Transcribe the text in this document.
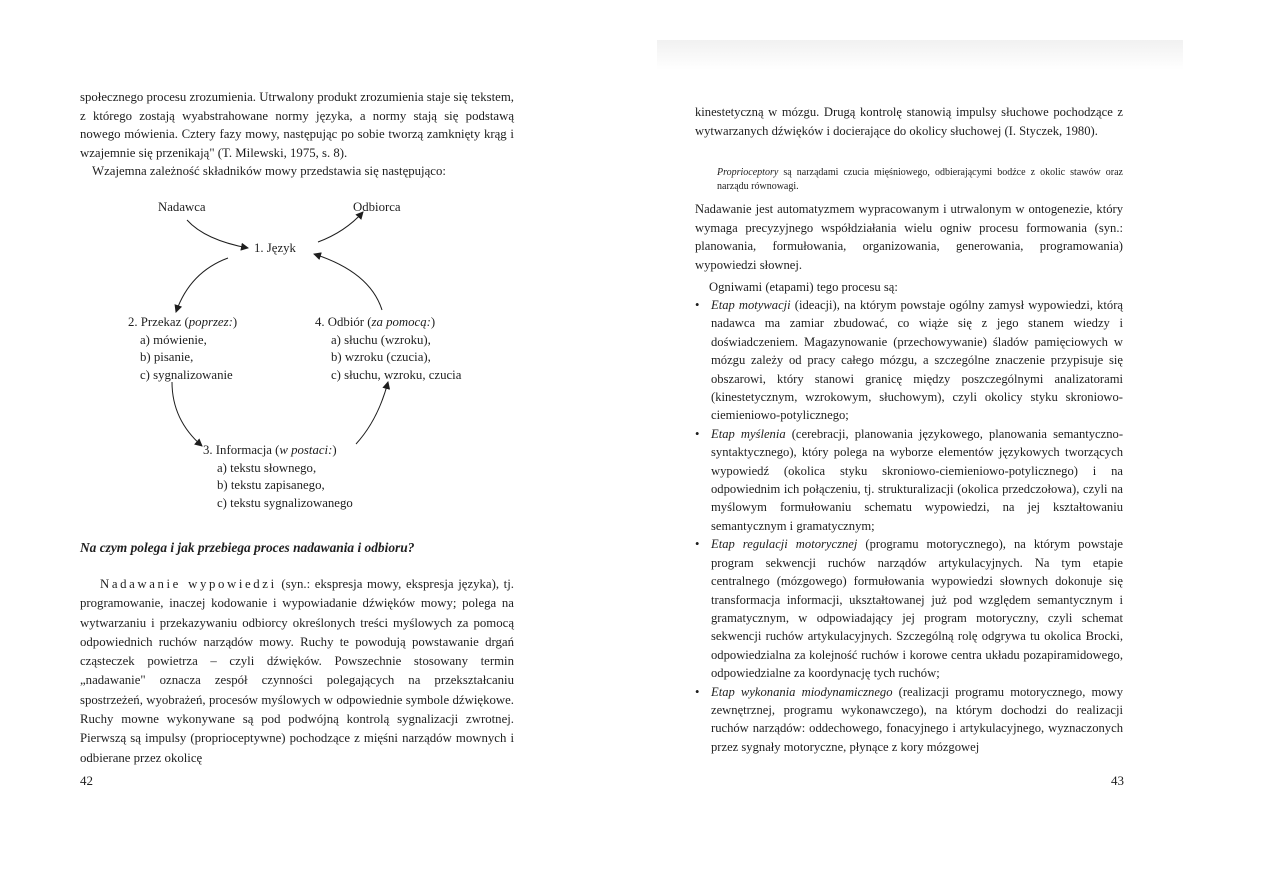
społecznego procesu zrozumienia. Utrwalony produkt zrozumienia staje się tekstem, z którego zostają wyabstrahowane normy języka, a normy stają się podstawą nowego mówienia. Cztery fazy mowy, następując po sobie tworzą zamknięty krąg i wzajemnie się przenikają" (T. Milewski, 1975, s. 8).

Wzajemna zależność składników mowy przedstawia się następująco:

Nadawca	Odbiorca
1. Język
2. Przekaz (poprzez:)
a) mówienie,
b) pisanie,
c) sygnalizowanie
4. Odbiór (za pomocą:)
a) słuchu (wzroku),
b) wzroku (czucia),
c) słuchu, wzroku, czucia
3. Informacja (w postaci:)
a) tekstu słownego,
b) tekstu zapisanego,
c) tekstu sygnalizowanego
Na czym polega i jak przebiega proces nadawania i odbioru?

Nadawanie wypowiedzi (syn.: ekspresja mowy, ekspresja języka), tj. programowanie, inaczej kodowanie i wypowiadanie dźwięków mowy; polega na wytwarzaniu i przekazywaniu odbiorcy określonych treści myślowych za pomocą odpowiednich ruchów narządów mowy. Ruchy te powodują powstawanie drgań cząsteczek powietrza – czyli dźwięków. Powszechnie stosowany termin „nadawanie" oznacza zespół czynności polegających na przekształcaniu spostrzeżeń, wyobrażeń, procesów myślowych w odpowiednie symbole dźwiękowe. Ruchy mowne wykonywane są pod podwójną kontrolą sygnalizacji zwrotnej. Pierwszą są impulsy (proprioceptywne) pochodzące z mięśni narządów mownych i odbierane przez okolicę

42

kinestetyczną w mózgu. Drugą kontrolę stanowią impulsy słuchowe pochodzące z wytwarzanych dźwięków i docierające do okolicy słuchowej (I. Styczek, 1980).

Proprioceptory są narządami czucia mięśniowego, odbierającymi bodźce z okolic stawów oraz narządu równowagi.

Nadawanie jest automatyzmem wypracowanym i utrwalonym w ontogenezie, który wymaga precyzyjnego współdziałania wielu ogniw procesu formowania (syn.: planowania, formułowania, organizowania, generowania, programowania) wypowiedzi słownej.

Ogniwami (etapami) tego procesu są:

• Etap motywacji (ideacji), na którym powstaje ogólny zamysł wypowiedzi, którą nadawca ma zamiar zbudować, co wiąże się z jego stanem wiedzy i doświadczeniem. Magazynowanie (przechowywanie) śladów pamięciowych w mózgu zależy od pracy całego mózgu, a szczególne znaczenie przypisuje się obszarowi, który stanowi granicę między poszczególnymi analizatorami (kinestetycznym, wzrokowym, słuchowym), czyli okolicy styku skroniowo-ciemieniowo-potylicznego;
• Etap myślenia (cerebracji, planowania językowego, planowania semantyczno-syntaktycznego), który polega na wyborze elementów językowych tworzących wypowiedź (okolica styku skroniowo-ciemieniowo-potylicznego) i na odpowiednim ich połączeniu, tj. strukturalizacji (okolica przedczołowa), czyli na myślowym formułowaniu schematu wypowiedzi, na jej kształtowaniu semantycznym i gramatycznym;
• Etap regulacji motorycznej (programu motorycznego), na którym powstaje program sekwencji ruchów narządów artykulacyjnych. Na tym etapie centralnego (mózgowego) formułowania wypowiedzi słownych dokonuje się transformacja informacji, ukształtowanej już pod względem semantycznym i gramatycznym, w odpowiadający jej program motoryczny, czyli schemat sekwencji ruchów artykulacyjnych. Szczególną rolę odgrywa tu okolica Brocki, odpowiedzialna za kolejność ruchów i korowe centra układu pozapiramidowego, odpowiedzialne za koordynację tych ruchów;
• Etap wykonania miodynamicznego (realizacji programu motorycznego, mowy zewnętrznej, programu wykonawczego), na którym dochodzi do realizacji ruchów narządów: oddechowego, fonacyjnego i artykulacyjnego, wyznaczonych przez sygnały motoryczne, płynące z kory mózgowej
43
